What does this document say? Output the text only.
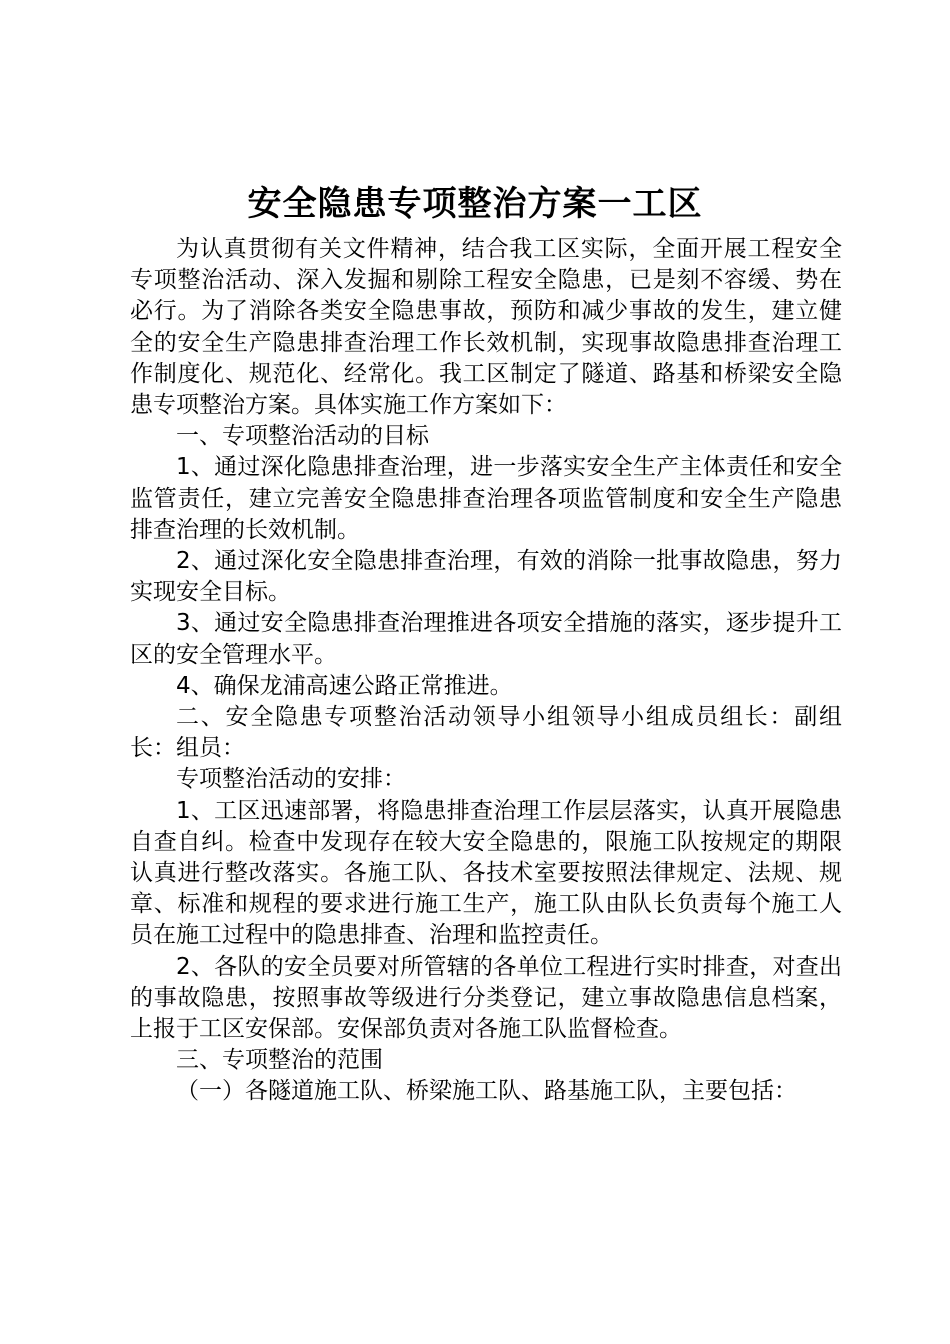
安全隐患专项整治方案一工区

为认真贯彻有关文件精神，结合我工区实际，全面开展工程安全专项整治活动、深入发掘和剔除工程安全隐患，已是刻不容缓、势在必行。为了消除各类安全隐患事故，预防和减少事故的发生，建立健全的安全生产隐患排查治理工作长效机制，实现事故隐患排查治理工作制度化、规范化、经常化。我工区制定了隧道、路基和桥梁安全隐患专项整治方案。具体实施工作方案如下：

一、专项整治活动的目标

1、通过深化隐患排查治理，进一步落实安全生产主体责任和安全监管责任，建立完善安全隐患排查治理各项监管制度和安全生产隐患排查治理的长效机制。

2、通过深化安全隐患排查治理，有效的消除一批事故隐患，努力实现安全目标。

3、通过安全隐患排查治理推进各项安全措施的落实，逐步提升工区的安全管理水平。

4、确保龙浦高速公路正常推进。

二、安全隐患专项整治活动领导小组领导小组成员组长：副组长：组员：

专项整治活动的安排：

1、工区迅速部署，将隐患排查治理工作层层落实，认真开展隐患自查自纠。检查中发现存在较大安全隐患的，限施工队按规定的期限认真进行整改落实。各施工队、各技术室要按照法律规定、法规、规章、标准和规程的要求进行施工生产，施工队由队长负责每个施工人员在施工过程中的隐患排查、治理和监控责任。

2、各队的安全员要对所管辖的各单位工程进行实时排查，对查出的事故隐患，按照事故等级进行分类登记，建立事故隐患信息档案，上报于工区安保部。安保部负责对各施工队监督检查。

三、专项整治的范围

（一）各隧道施工队、桥梁施工队、路基施工队，主要包括：
